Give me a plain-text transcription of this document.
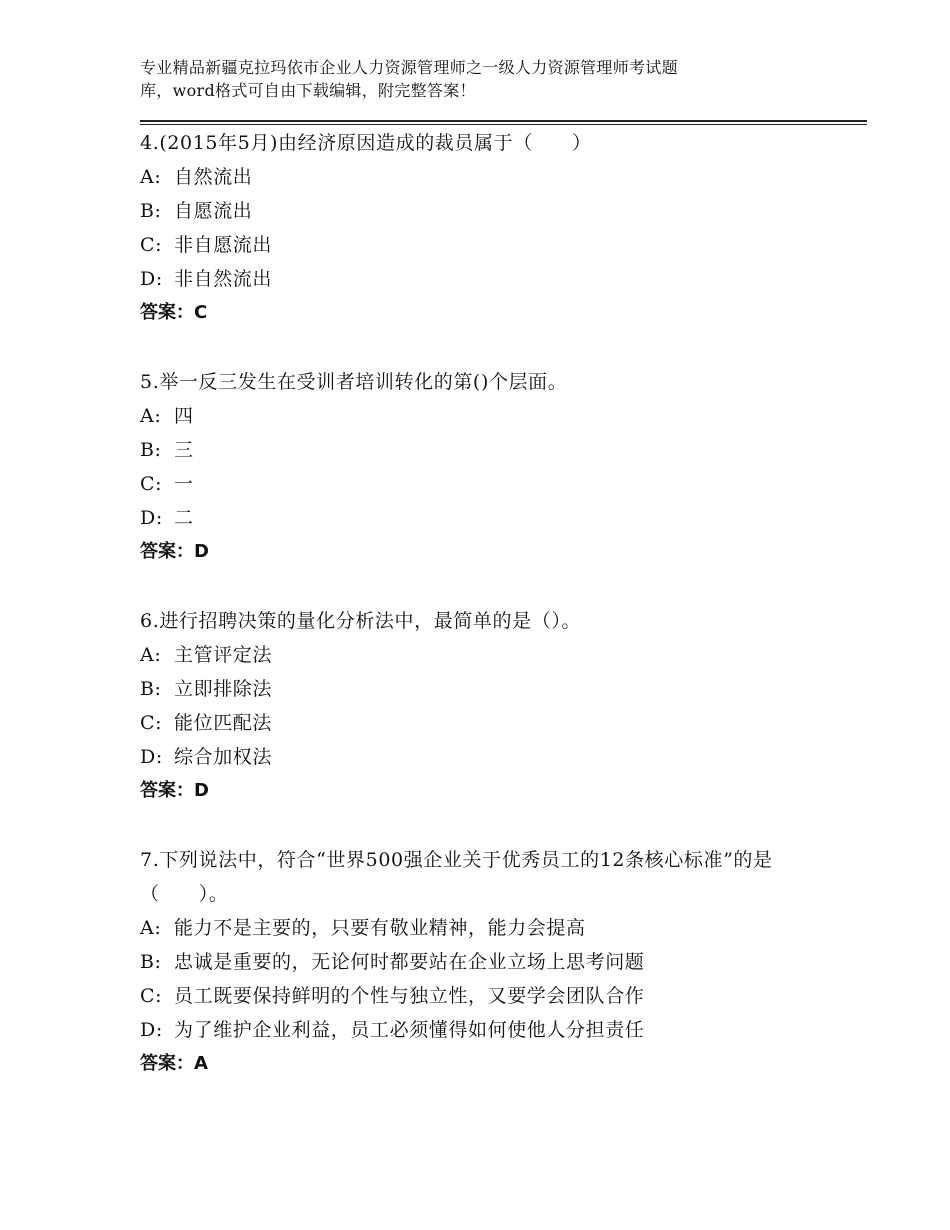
专业精品新疆克拉玛依市企业人力资源管理师之一级人力资源管理师考试题
库，word格式可自由下载编辑，附完整答案！
4.(2015年5月)由经济原因造成的裁员属于（　　）
A: 自然流出
B: 自愿流出
C: 非自愿流出
D: 非自然流出
答案：C
5.举一反三发生在受训者培训转化的第()个层面。
A: 四
B: 三
C: 一
D: 二
答案：D
6.进行招聘决策的量化分析法中，最简单的是（）。
A: 主管评定法
B: 立即排除法
C: 能位匹配法
D: 综合加权法
答案：D
7.下列说法中，符合“世界500强企业关于优秀员工的12条核心标准”的是（　　）。
A: 能力不是主要的，只要有敬业精神，能力会提高
B: 忠诚是重要的，无论何时都要站在企业立场上思考问题
C: 员工既要保持鲜明的个性与独立性，又要学会团队合作
D: 为了维护企业利益，员工必须懂得如何使他人分担责任
答案：A
